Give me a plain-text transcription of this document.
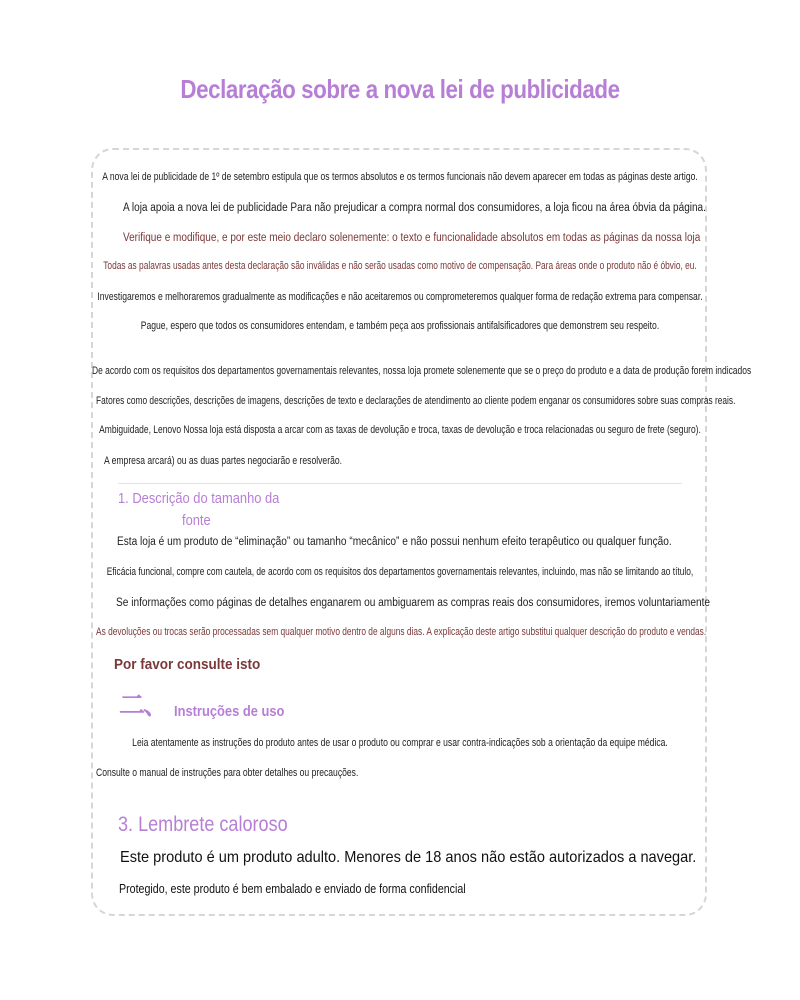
Declaração sobre a nova lei de publicidade
A nova lei de publicidade de 1º de setembro estipula que os termos absolutos e os termos funcionais não devem aparecer em todas as páginas deste artigo.
A loja apoia a nova lei de publicidade Para não prejudicar a compra normal dos consumidores, a loja ficou na área óbvia da página.
Verifique e modifique, e por este meio declaro solenemente: o texto e funcionalidade absolutos em todas as páginas da nossa loja
Todas as palavras usadas antes desta declaração são inválidas e não serão usadas como motivo de compensação. Para áreas onde o produto não é óbvio, eu.
Investigaremos e melhoraremos gradualmente as modificações e não aceitaremos ou comprometeremos qualquer forma de redação extrema para compensar.
Pague, espero que todos os consumidores entendam, e também peça aos profissionais antifalsificadores que demonstrem seu respeito.
De acordo com os requisitos dos departamentos governamentais relevantes, nossa loja promete solenemente que se o preço do produto e a data de produção forem indicados
Fatores como descrições, descrições de imagens, descrições de texto e declarações de atendimento ao cliente podem enganar os consumidores sobre suas compras reais.
Ambiguidade, Lenovo Nossa loja está disposta a arcar com as taxas de devolução e troca, taxas de devolução e troca relacionadas ou seguro de frete (seguro).
A empresa arcará) ou as duas partes negociarão e resolverão.
1. Descrição do tamanho da
fonte
Esta loja é um produto de “eliminação” ou tamanho “mecânico” e não possui nenhum efeito terapêutico ou qualquer função.
Eficácia funcional, compre com cautela, de acordo com os requisitos dos departamentos governamentais relevantes, incluindo, mas não se limitando ao título,
Se informações como páginas de detalhes enganarem ou ambiguarem as compras reais dos consumidores, iremos voluntariamente
As devoluções ou trocas serão processadas sem qualquer motivo dentro de alguns dias. A explicação deste artigo substitui qualquer descrição do produto e vendas.
Por favor consulte isto
二、 Instruções de uso
Leia atentamente as instruções do produto antes de usar o produto ou comprar e usar contra-indicações sob a orientação da equipe médica.
Consulte o manual de instruções para obter detalhes ou precauções.
3. Lembrete caloroso
Este produto é um produto adulto. Menores de 18 anos não estão autorizados a navegar.
Protegido, este produto é bem embalado e enviado de forma confidencial
